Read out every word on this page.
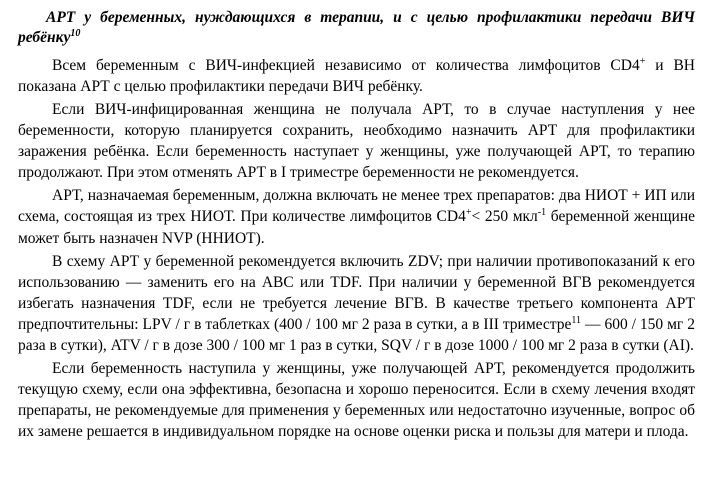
АРТ у беременных, нуждающихся в терапии, и с целью профилактики передачи ВИЧ ребёнку$^{10}$

Всем беременным с ВИЧ-инфекцией независимо от количества лимфоцитов CD4+ и ВН показана АРТ с целью профилактики передачи ВИЧ ребёнку.

Если ВИЧ-инфицированная женщина не получала АРТ, то в случае наступления у нее беременности, которую планируется сохранить, необходимо назначить АРТ для профилактики заражения ребёнка. Если беременность наступает у женщины, уже получающей АРТ, то терапию продолжают. При этом отменять АРТ в I триместре беременности не рекомендуется.

АРТ, назначаемая беременным, должна включать не менее трех препаратов: два НИОТ + ИП или схема, состоящая из трех НИОТ. При количестве лимфоцитов CD4+< 250 мкл$^{-1}$ беременной женщине может быть назначен NVP (ННИОТ).

В схему АРТ у беременной рекомендуется включить ZDV; при наличии противопоказаний к его использованию — заменить его на ABC или TDF. При наличии у беременной ВГВ рекомендуется избегать назначения TDF, если не требуется лечение ВГВ. В качестве третьего компонента АРТ предпочтительны: LPV / г в таблетках (400 / 100 мг 2 раза в сутки, а в III триместре$^{11}$ — 600 / 150 мг 2 раза в сутки), ATV / г в дозе 300 / 100 мг 1 раз в сутки, SQV / г в дозе 1000 / 100 мг 2 раза в сутки (AI).

Если беременность наступила у женщины, уже получающей АРТ, рекомендуется продолжить текущую схему, если она эффективна, безопасна и хорошо переносится. Если в схему лечения входят препараты, не рекомендуемые для применения у беременных или недостаточно изученные, вопрос об их замене решается в индивидуальном порядке на основе оценки риска и пользы для матери и плода.
